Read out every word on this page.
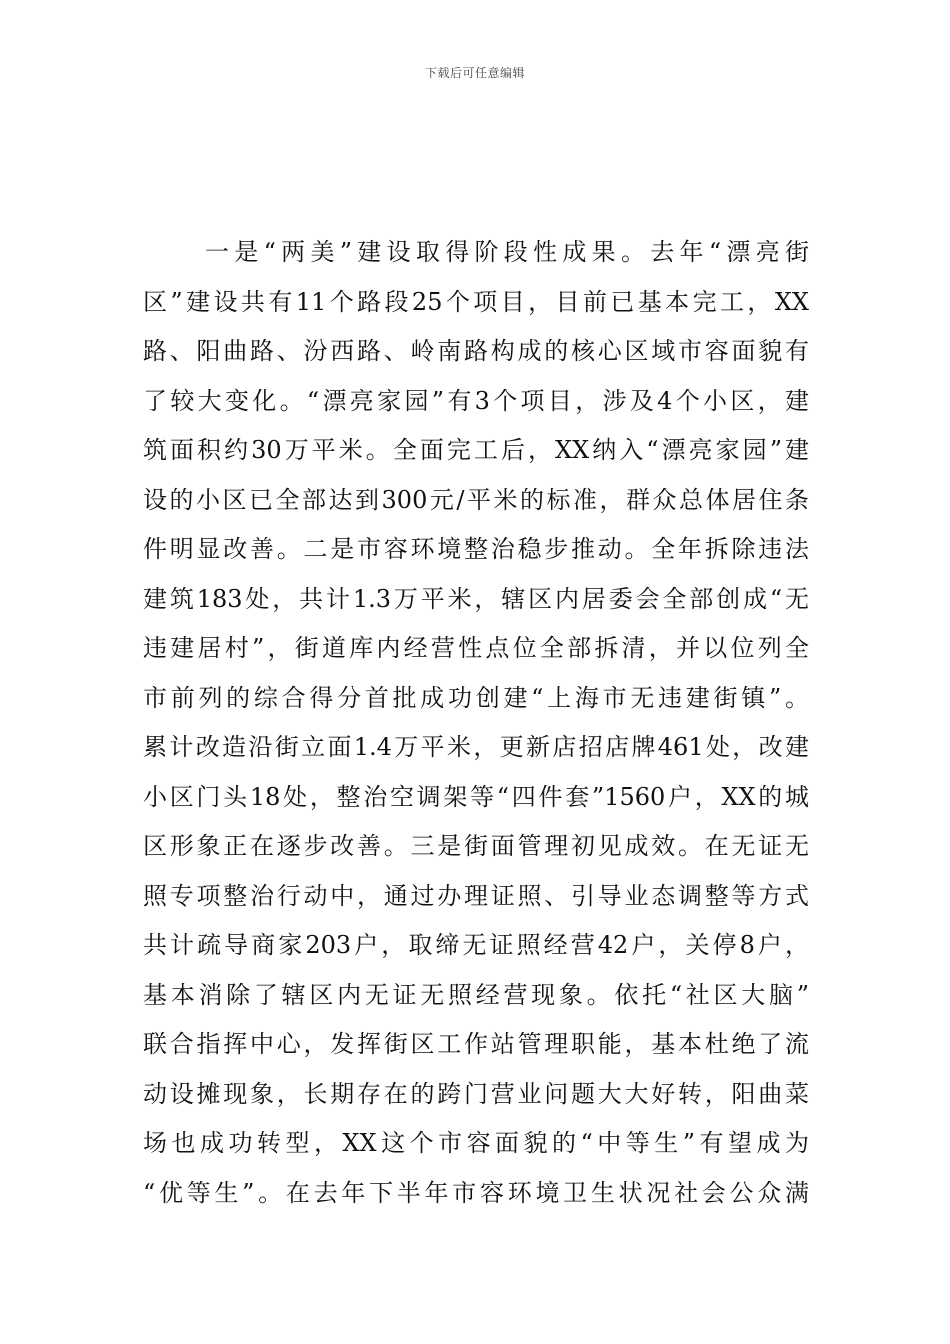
下载后可任意编辑
一是“两美”建设取得阶段性成果。去年“漂亮街
区”建设共有11个路段25个项目，目前已基本完工，XX
路、阳曲路、汾西路、岭南路构成的核心区域市容面貌有
了较大变化。“漂亮家园”有3个项目，涉及4个小区，建
筑面积约30万平米。全面完工后，XX纳入“漂亮家园”建
设的小区已全部达到300元/平米的标准，群众总体居住条
件明显改善。二是市容环境整治稳步推动。全年拆除违法
建筑183处，共计1.3万平米，辖区内居委会全部创成“无
违建居村”，街道库内经营性点位全部拆清，并以位列全
市前列的综合得分首批成功创建“上海市无违建街镇”。
累计改造沿街立面1.4万平米，更新店招店牌461处，改建
小区门头18处，整治空调架等“四件套”1560户，XX的城
区形象正在逐步改善。三是街面管理初见成效。在无证无
照专项整治行动中，通过办理证照、引导业态调整等方式
共计疏导商家203户，取缔无证照经营42户，关停8户，
基本消除了辖区内无证无照经营现象。依托“社区大脑”
联合指挥中心，发挥街区工作站管理职能，基本杜绝了流
动设摊现象，长期存在的跨门营业问题大大好转，阳曲菜
场也成功转型，XX这个市容面貌的“中等生”有望成为
“优等生”。在去年下半年市容环境卫生状况社会公众满
